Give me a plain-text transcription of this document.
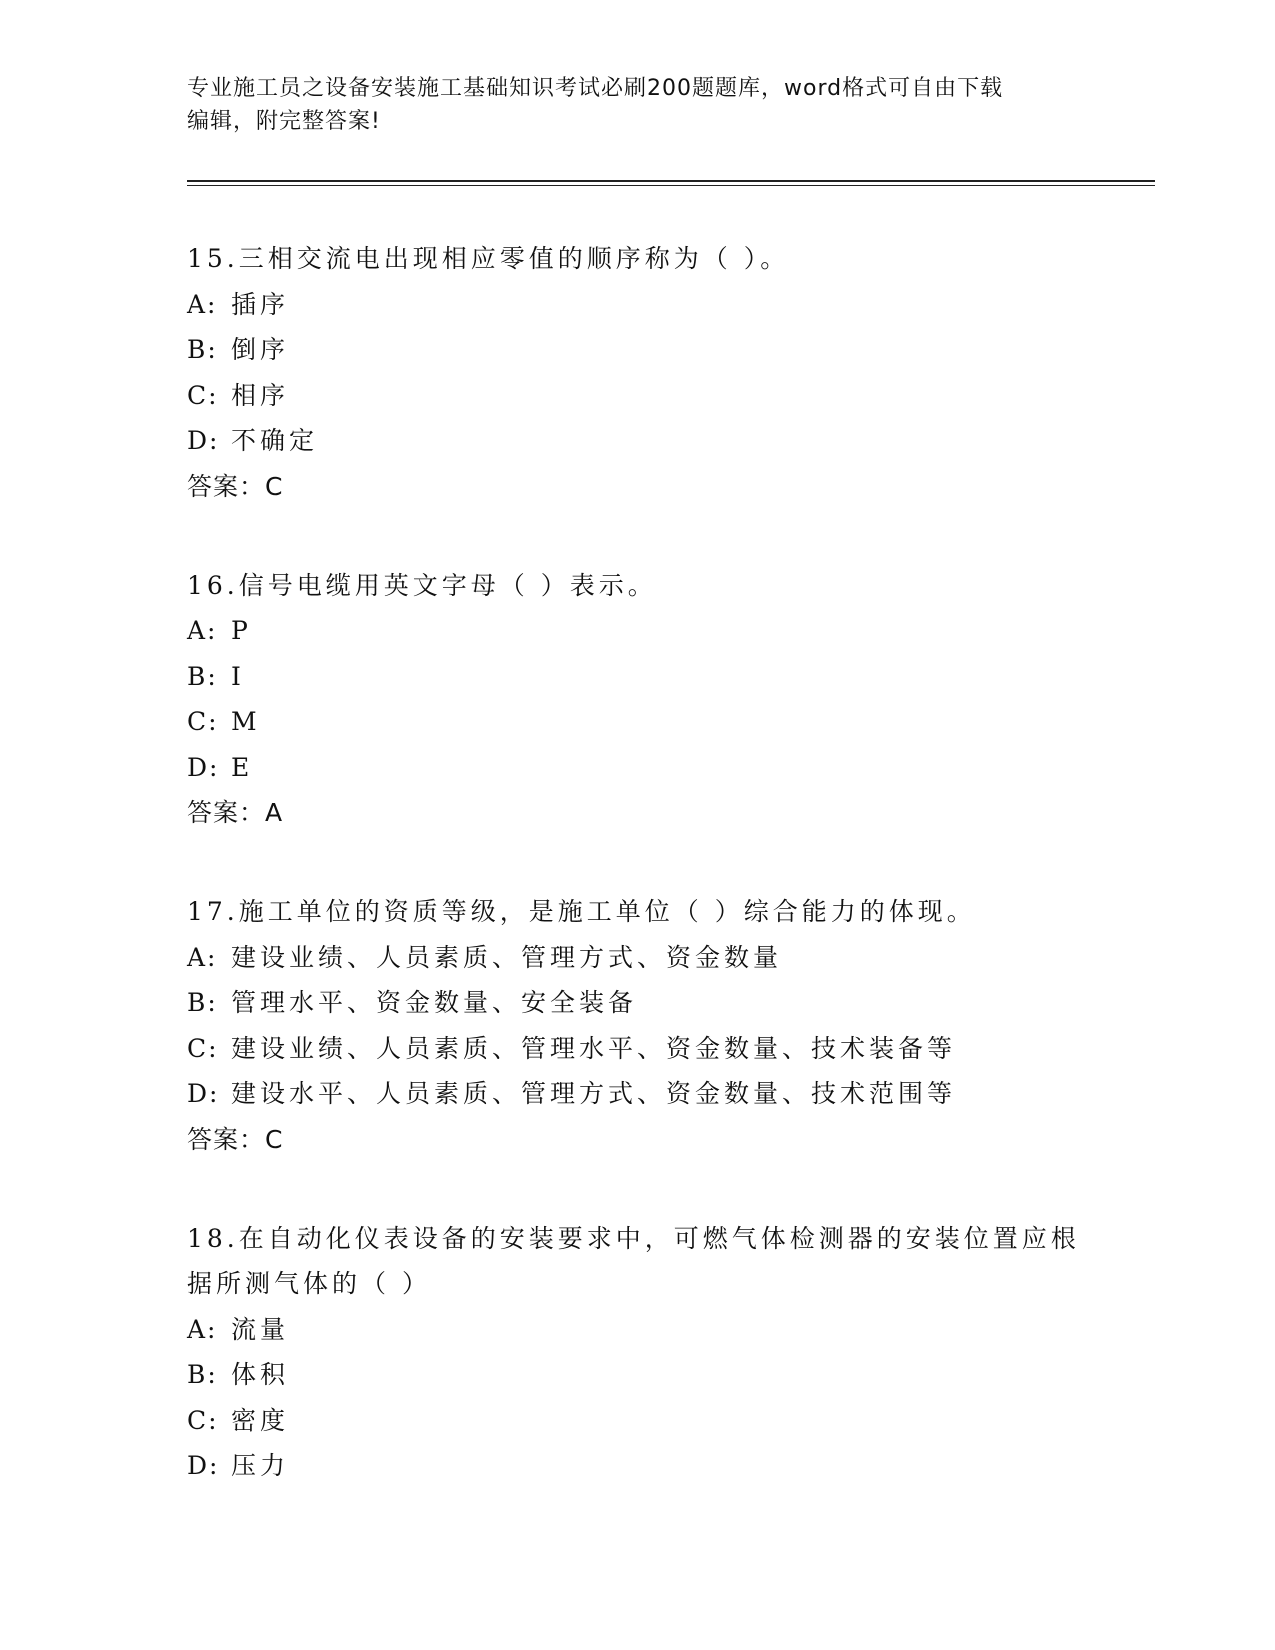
专业施工员之设备安装施工基础知识考试必刷200题题库，word格式可自由下载
编辑，附完整答案!
15.三相交流电出现相应零值的顺序称为（ ）。
A: 插序
B: 倒序
C: 相序
D: 不确定
答案：C
16.信号电缆用英文字母（ ）表示。
A: P
B: I
C: M
D: E
答案：A
17.施工单位的资质等级，是施工单位（ ）综合能力的体现。
A: 建设业绩、人员素质、管理方式、资金数量
B: 管理水平、资金数量、安全装备
C: 建设业绩、人员素质、管理水平、资金数量、技术装备等
D: 建设水平、人员素质、管理方式、资金数量、技术范围等
答案：C
18.在自动化仪表设备的安装要求中，可燃气体检测器的安装位置应根据所测气体的（ ）
A: 流量
B: 体积
C: 密度
D: 压力
